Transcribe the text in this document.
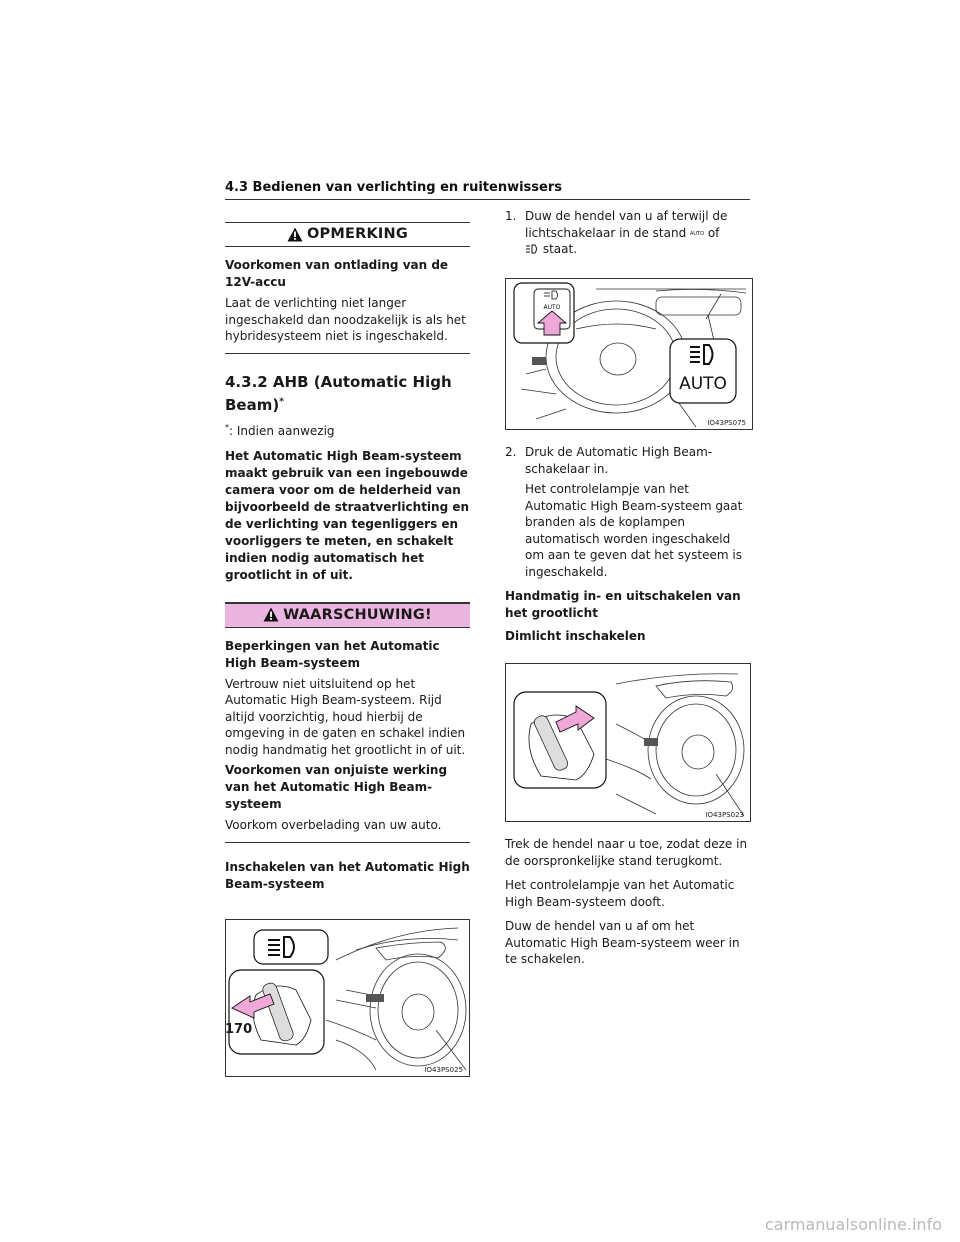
4.3 Bedienen van verlichting en ruitenwissers
OPMERKING

Voorkomen van ontlading van de 12V-accu

Laat de verlichting niet langer ingeschakeld dan noodzakelijk is als het hybridesysteem niet is ingeschakeld.

4.3.2 AHB (Automatic High Beam)*
*: Indien aanwezig

Het Automatic High Beam-systeem maakt gebruik van een ingebouwde camera voor om de helderheid van bijvoorbeeld de straatverlichting en de verlichting van tegenliggers en voorliggers te meten, en schakelt indien nodig automatisch het grootlicht in of uit.

WAARSCHUWING!

Beperkingen van het Automatic High Beam-systeem

Vertrouw niet uitsluitend op het Automatic High Beam-systeem. Rijd altijd voorzichtig, houd hierbij de omgeving in de gaten en schakel indien nodig handmatig het grootlicht in of uit.

Voorkomen van onjuiste werking van het Automatic High Beam-systeem

Voorkom overbelading van uw auto.

Inschakelen van het Automatic High Beam-systeem

IO43PS025
1. Duw de hendel van u af terwijl de lichtschakelaar in de stand AUTO of
staat.
AUTO
AUTO
IO43PS075
2. Druk de Automatic High Beam-schakelaar in.

Het controlelampje van het Automatic High Beam-systeem gaat branden als de koplampen automatisch worden ingeschakeld om aan te geven dat het systeem is ingeschakeld.

Handmatig in- en uitschakelen van het grootlicht

Dimlicht inschakelen

IO43PS023

Trek de hendel naar u toe, zodat deze in de oorspronkelijke stand terugkomt.

Het controlelampje van het Automatic High Beam-systeem dooft.

Duw de hendel van u af om het Automatic High Beam-systeem weer in te schakelen.

170
carmanualsonline.info
